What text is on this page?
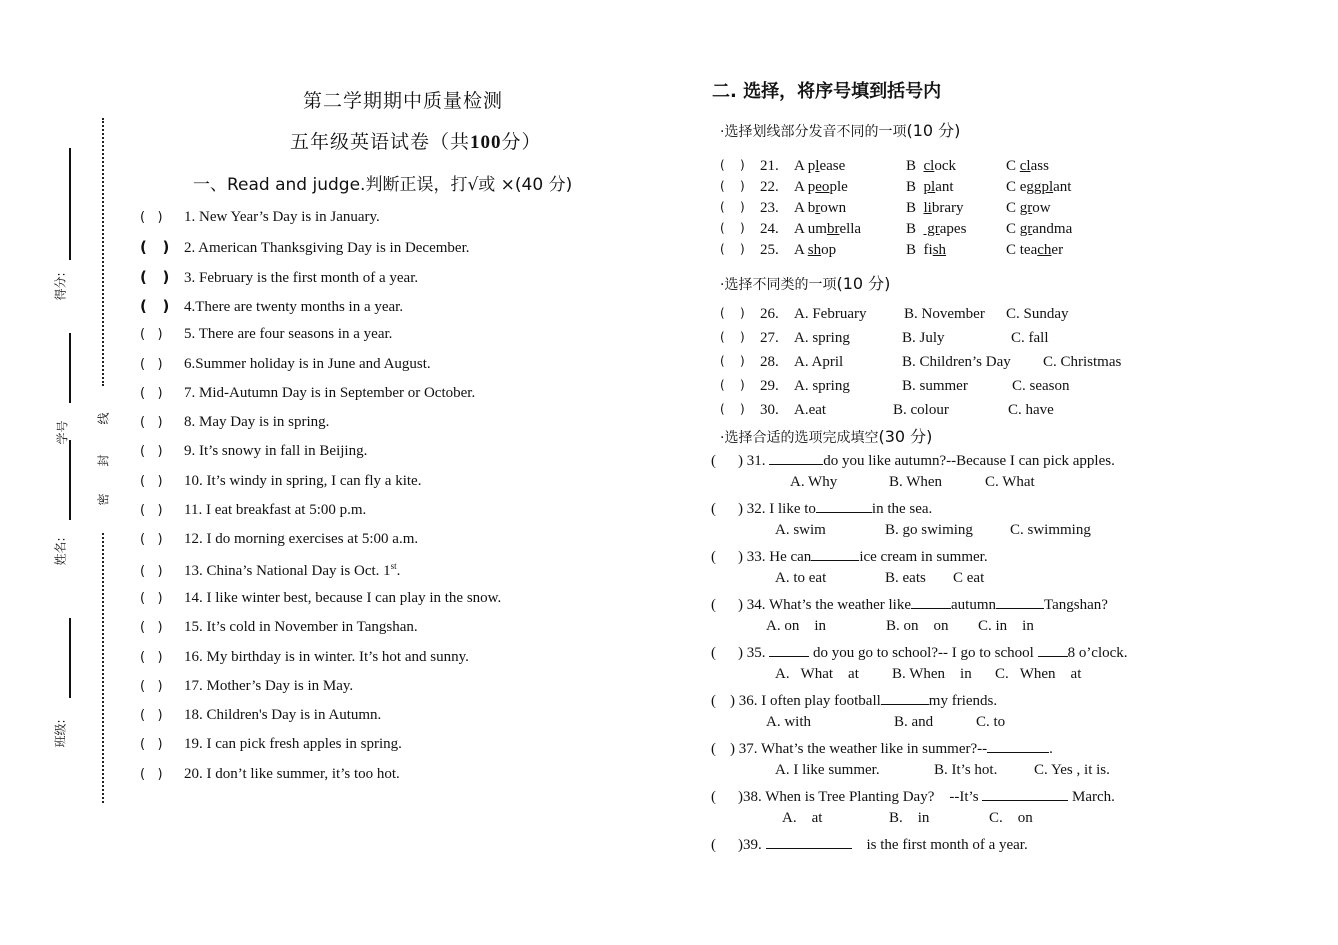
得分:
学号
姓名:
班级:
线
封
密
第二学期期中质量检测
五年级英语试卷（共100分）
一、Read and judge.判断正误，打√或 ×(40 分)
(   ) 1. New Year’s Day is in January.
(   ) 2. American Thanksgiving Day is in December.
(   ) 3. February is the first month of a year.
(   ) 4.There are twenty months in a year.
(   ) 5. There are four seasons in a year.
(   ) 6.Summer holiday is in June and August.
(   ) 7. Mid-Autumn Day is in September or October.
(   ) 8. May Day is in spring.
(   ) 9. It’s snowy in fall in Beijing.
(   ) 10. It’s windy in spring, I can fly a kite.
(   ) 11. I eat breakfast at 5:00 p.m.
(   ) 12. I do morning exercises at 5:00 a.m.
(   ) 13. China’s National Day is Oct. 1st.
(   ) 14. I like winter best, because I can play in the snow.
(   ) 15. It’s cold in November in Tangshan.
(   ) 16. My birthday is in winter. It’s hot and sunny.
(   ) 17. Mother’s Day is in May.
(   ) 18. Children's Day is in Autumn.
(   ) 19. I can pick fresh apples in spring.
(   ) 20. I don’t like summer, it’s too hot.
二. 选择，将序号填到括号内
·选择划线部分发音不同的一项(10 分)
(    ) 21. A please	B  clock	C class
(    ) 22. A people	B  plant	C eggplant
(    ) 23. A brown	B  library	C grow
(    ) 24. A umbrella	B   grapes	C grandma
(    ) 25. A shop	B  fish	C teacher
·选择不同类的一项(10 分)
(    ) 26. A. February	B. November C. Sunday
(    ) 27. A. spring	B. July	C. fall
(    ) 28. A. April	B. Children’s Day C. Christmas
(    ) 29. A. spring	B. summer	C. season
(    ) 30. A.eat	B. colour	C. have
·选择合适的选项完成填空(30 分)
( ) 31.	do you like autumn?--Because I can pick apples.
A. Why	B. When	C. What
( ) 32. I like to	in the sea.
A. swim	B. go swiming C. swimming
( ) 33. He can	ice cream in summer.
A. to eat	B. eats C eat
( ) 34. What’s the weather like	autumn	Tangshan?
A. on    in	B. on    on C. in    in
( ) 35.	do you go to school?-- I go to school 8 o’clock.
A.   What    at B. When    in C.   When    at
( ) 36. I often play football	my friends.
A. with	B. and	C. to
( ) 37. What’s the weather like in summer?--	.
A. I like summer.	B. It’s hot. C. Yes , it is.
( )38. When is Tree Planting Day?    --It’s	March.
A.    at	B.    in	C.    on
( )39.	is the first month of a year.
